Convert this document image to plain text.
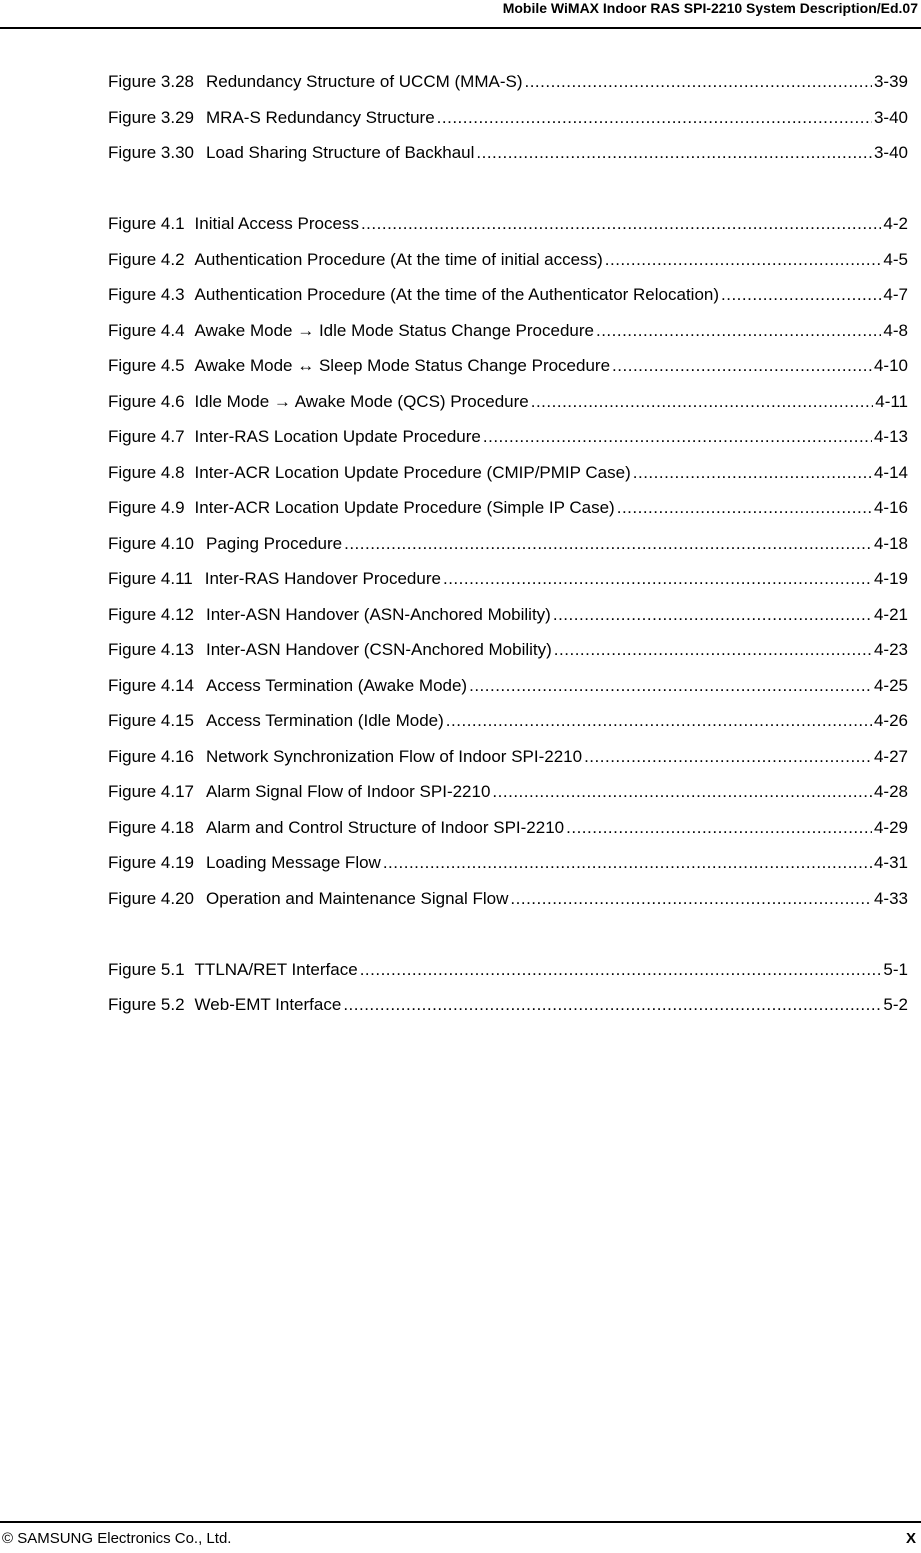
Mobile WiMAX Indoor RAS SPI-2210 System Description/Ed.07
Figure 3.28 Redundancy Structure of UCCM (MMA-S) .....	3-39
Figure 3.29 MRA-S Redundancy Structure .....	3-40
Figure 3.30 Load Sharing Structure of Backhaul .....	3-40
Figure 4.1 Initial Access Process .....	4-2
Figure 4.2 Authentication Procedure (At the time of initial access) .....	4-5
Figure 4.3 Authentication Procedure (At the time of the Authenticator Relocation) .....	4-7
Figure 4.4 Awake Mode → Idle Mode Status Change Procedure .....	4-8
Figure 4.5 Awake Mode ↔ Sleep Mode Status Change Procedure .....	4-10
Figure 4.6 Idle Mode → Awake Mode (QCS) Procedure .....	4-11
Figure 4.7 Inter-RAS Location Update Procedure .....	4-13
Figure 4.8 Inter-ACR Location Update Procedure (CMIP/PMIP Case) .....	4-14
Figure 4.9 Inter-ACR Location Update Procedure (Simple IP Case) .....	4-16
Figure 4.10 Paging Procedure .....	4-18
Figure 4.11 Inter-RAS Handover Procedure .....	4-19
Figure 4.12 Inter-ASN Handover (ASN-Anchored Mobility) .....	4-21
Figure 4.13 Inter-ASN Handover (CSN-Anchored Mobility) .....	4-23
Figure 4.14 Access Termination (Awake Mode) .....	4-25
Figure 4.15 Access Termination (Idle Mode) .....	4-26
Figure 4.16 Network Synchronization Flow of Indoor SPI-2210 .....	4-27
Figure 4.17 Alarm Signal Flow of Indoor SPI-2210 .....	4-28
Figure 4.18 Alarm and Control Structure of Indoor SPI-2210 .....	4-29
Figure 4.19 Loading Message Flow .....	4-31
Figure 4.20 Operation and Maintenance Signal Flow .....	4-33
Figure 5.1 TTLNA/RET Interface .....	5-1
Figure 5.2 Web-EMT Interface .....	5-2
© SAMSUNG Electronics Co., Ltd.	X
